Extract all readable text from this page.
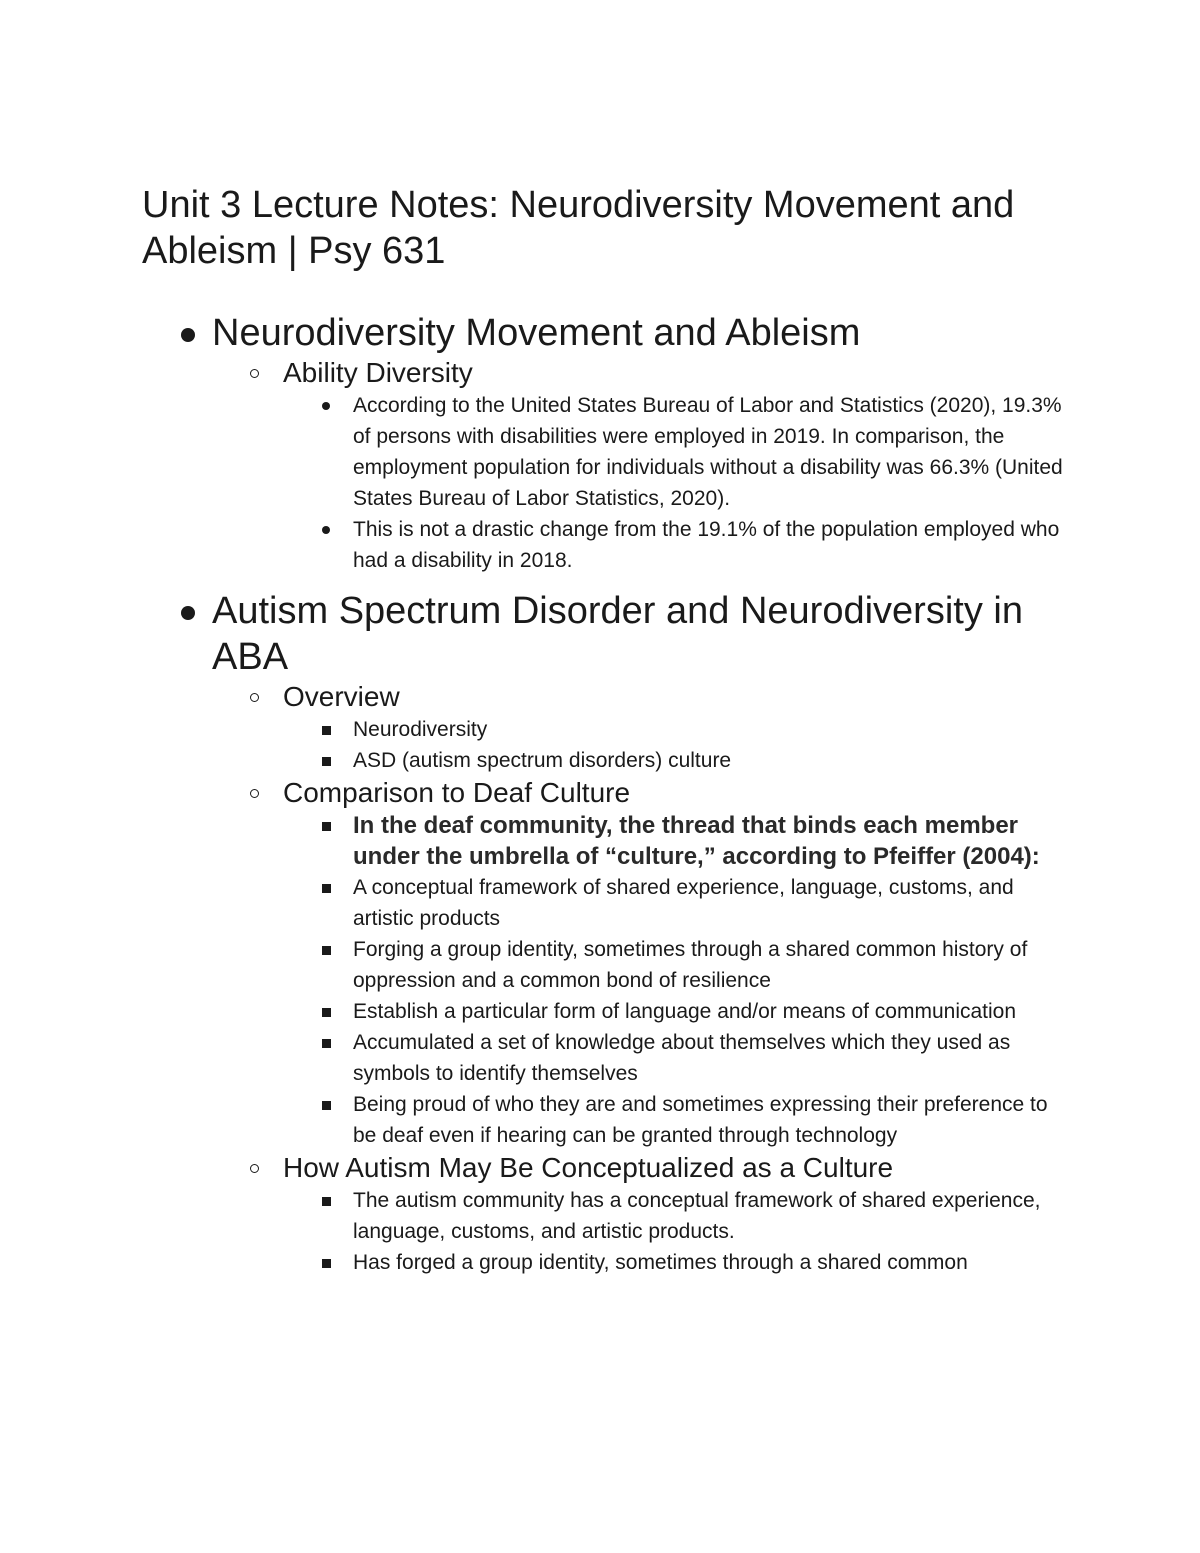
Unit 3 Lecture Notes: Neurodiversity Movement and Ableism | Psy 631
Neurodiversity Movement and Ableism
Ability Diversity
According to the United States Bureau of Labor and Statistics (2020), 19.3% of persons with disabilities were employed in 2019. In comparison, the employment population for individuals without a disability was 66.3% (United States Bureau of Labor Statistics, 2020).
This is not a drastic change from the 19.1% of the population employed who had a disability in 2018.
Autism Spectrum Disorder and Neurodiversity in ABA
Overview
Neurodiversity
ASD (autism spectrum disorders) culture
Comparison to Deaf Culture
In the deaf community, the thread that binds each member under the umbrella of “culture,” according to Pfeiffer (2004):
A conceptual framework of shared experience, language, customs, and artistic products
Forging a group identity, sometimes through a shared common history of oppression and a common bond of resilience
Establish a particular form of language and/or means of communication
Accumulated a set of knowledge about themselves which they used as symbols to identify themselves
Being proud of who they are and sometimes expressing their preference to be deaf even if hearing can be granted through technology
How Autism May Be Conceptualized as a Culture
The autism community has a conceptual framework of shared experience, language, customs, and artistic products.
Has forged a group identity, sometimes through a shared common
